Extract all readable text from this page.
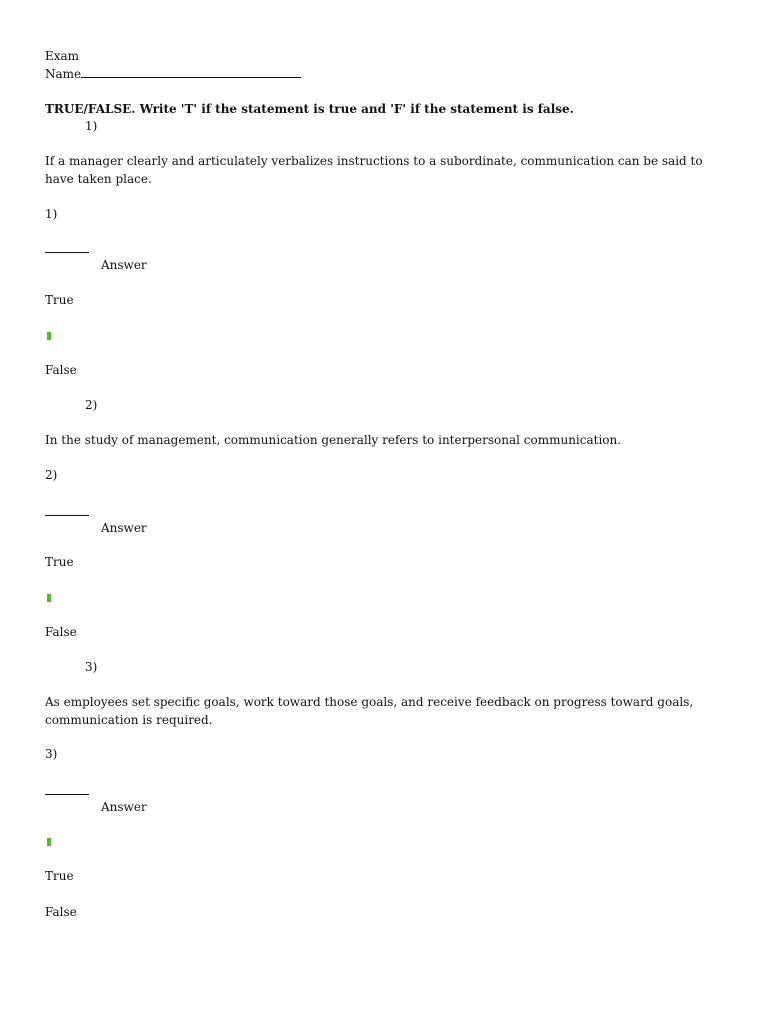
Exam
Name
TRUE/FALSE. Write 'T' if the statement is true and 'F' if the statement is false.
1)
If a manager clearly and articulately verbalizes instructions to a subordinate, communication can be said to have taken place.
1)
Answer
True
False
2)
In the study of management, communication generally refers to interpersonal communication.
2)
Answer
True
False
3)
As employees set specific goals, work toward those goals, and receive feedback on progress toward goals, communication is required.
3)
Answer
True
False
